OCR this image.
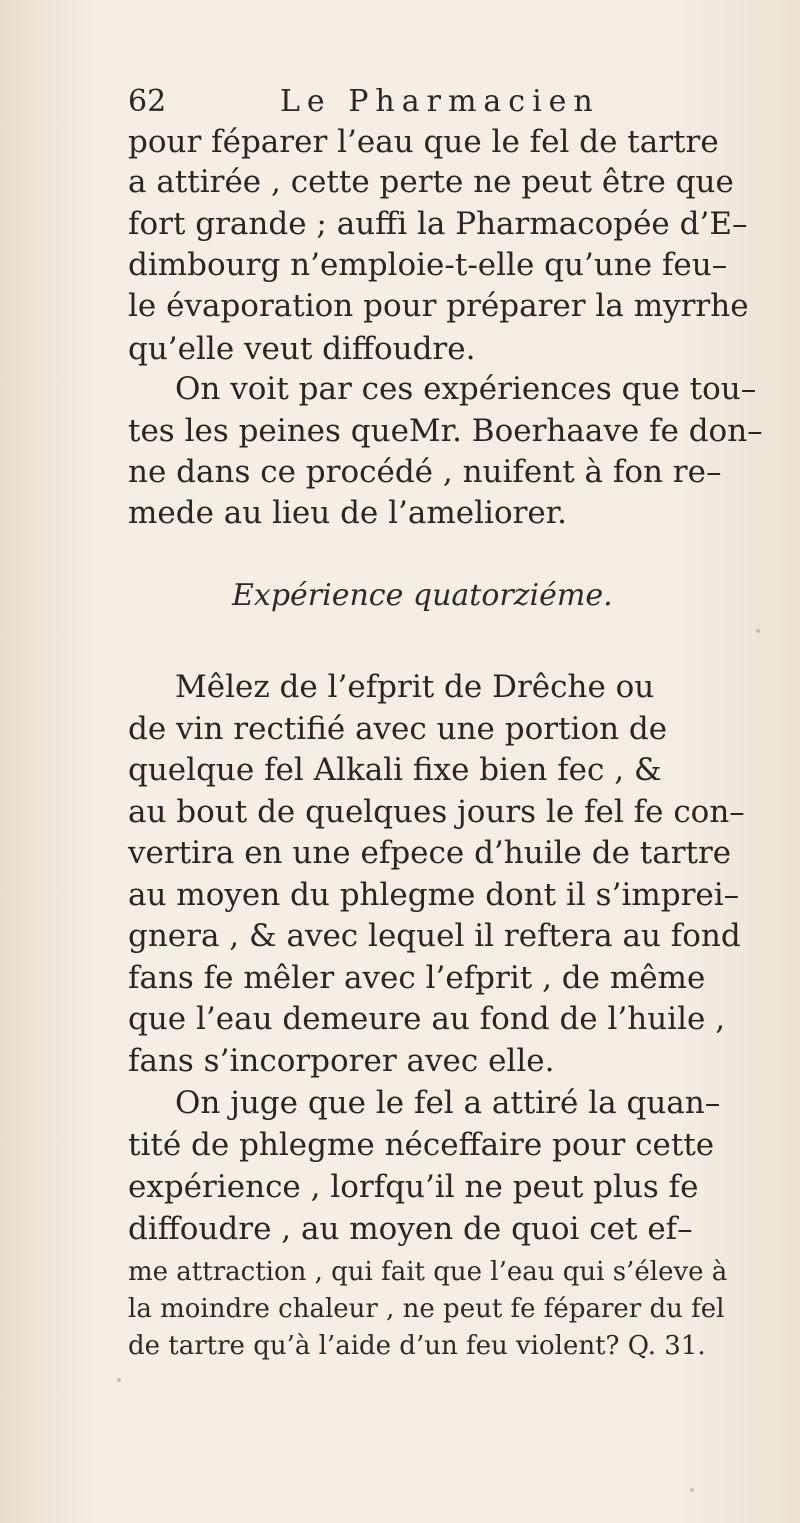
62	Le Pharmacien
pour féparer l’eau que le fel de tartre
a attirée , cette perte ne peut être que
fort grande ; auffi la Pharmacopée d’E–
dimbourg n’emploie-t-elle qu’une feu–
le évaporation pour préparer la myrrhe
qu’elle veut diffoudre.
On voit par ces expériences que tou–
tes les peines queMr. Boerhaave fe don–
ne dans ce procédé , nuifent à fon re–
mede au lieu de l’ameliorer.
Expérience quatorziéme.
Mêlez de l’efprit de Drêche ou
de vin rectifié avec une portion de
quelque fel Alkali fixe bien fec , &
au bout de quelques jours le fel fe con–
vertira en une efpece d’huile de tartre
au moyen du phlegme dont il s’imprei–
gnera , & avec lequel il reftera au fond
fans fe mêler avec l’efprit , de même
que l’eau demeure au fond de l’huile ,
fans s’incorporer avec elle.
On juge que le fel a attiré la quan–
tité de phlegme néceffaire pour cette
expérience , lorfqu’il ne peut plus fe
diffoudre , au moyen de quoi cet ef–
me attraction , qui fait que l’eau qui s’éleve à
la moindre chaleur , ne peut fe féparer du fel
de tartre qu’à l’aide d’un feu violent? Q. 31.
